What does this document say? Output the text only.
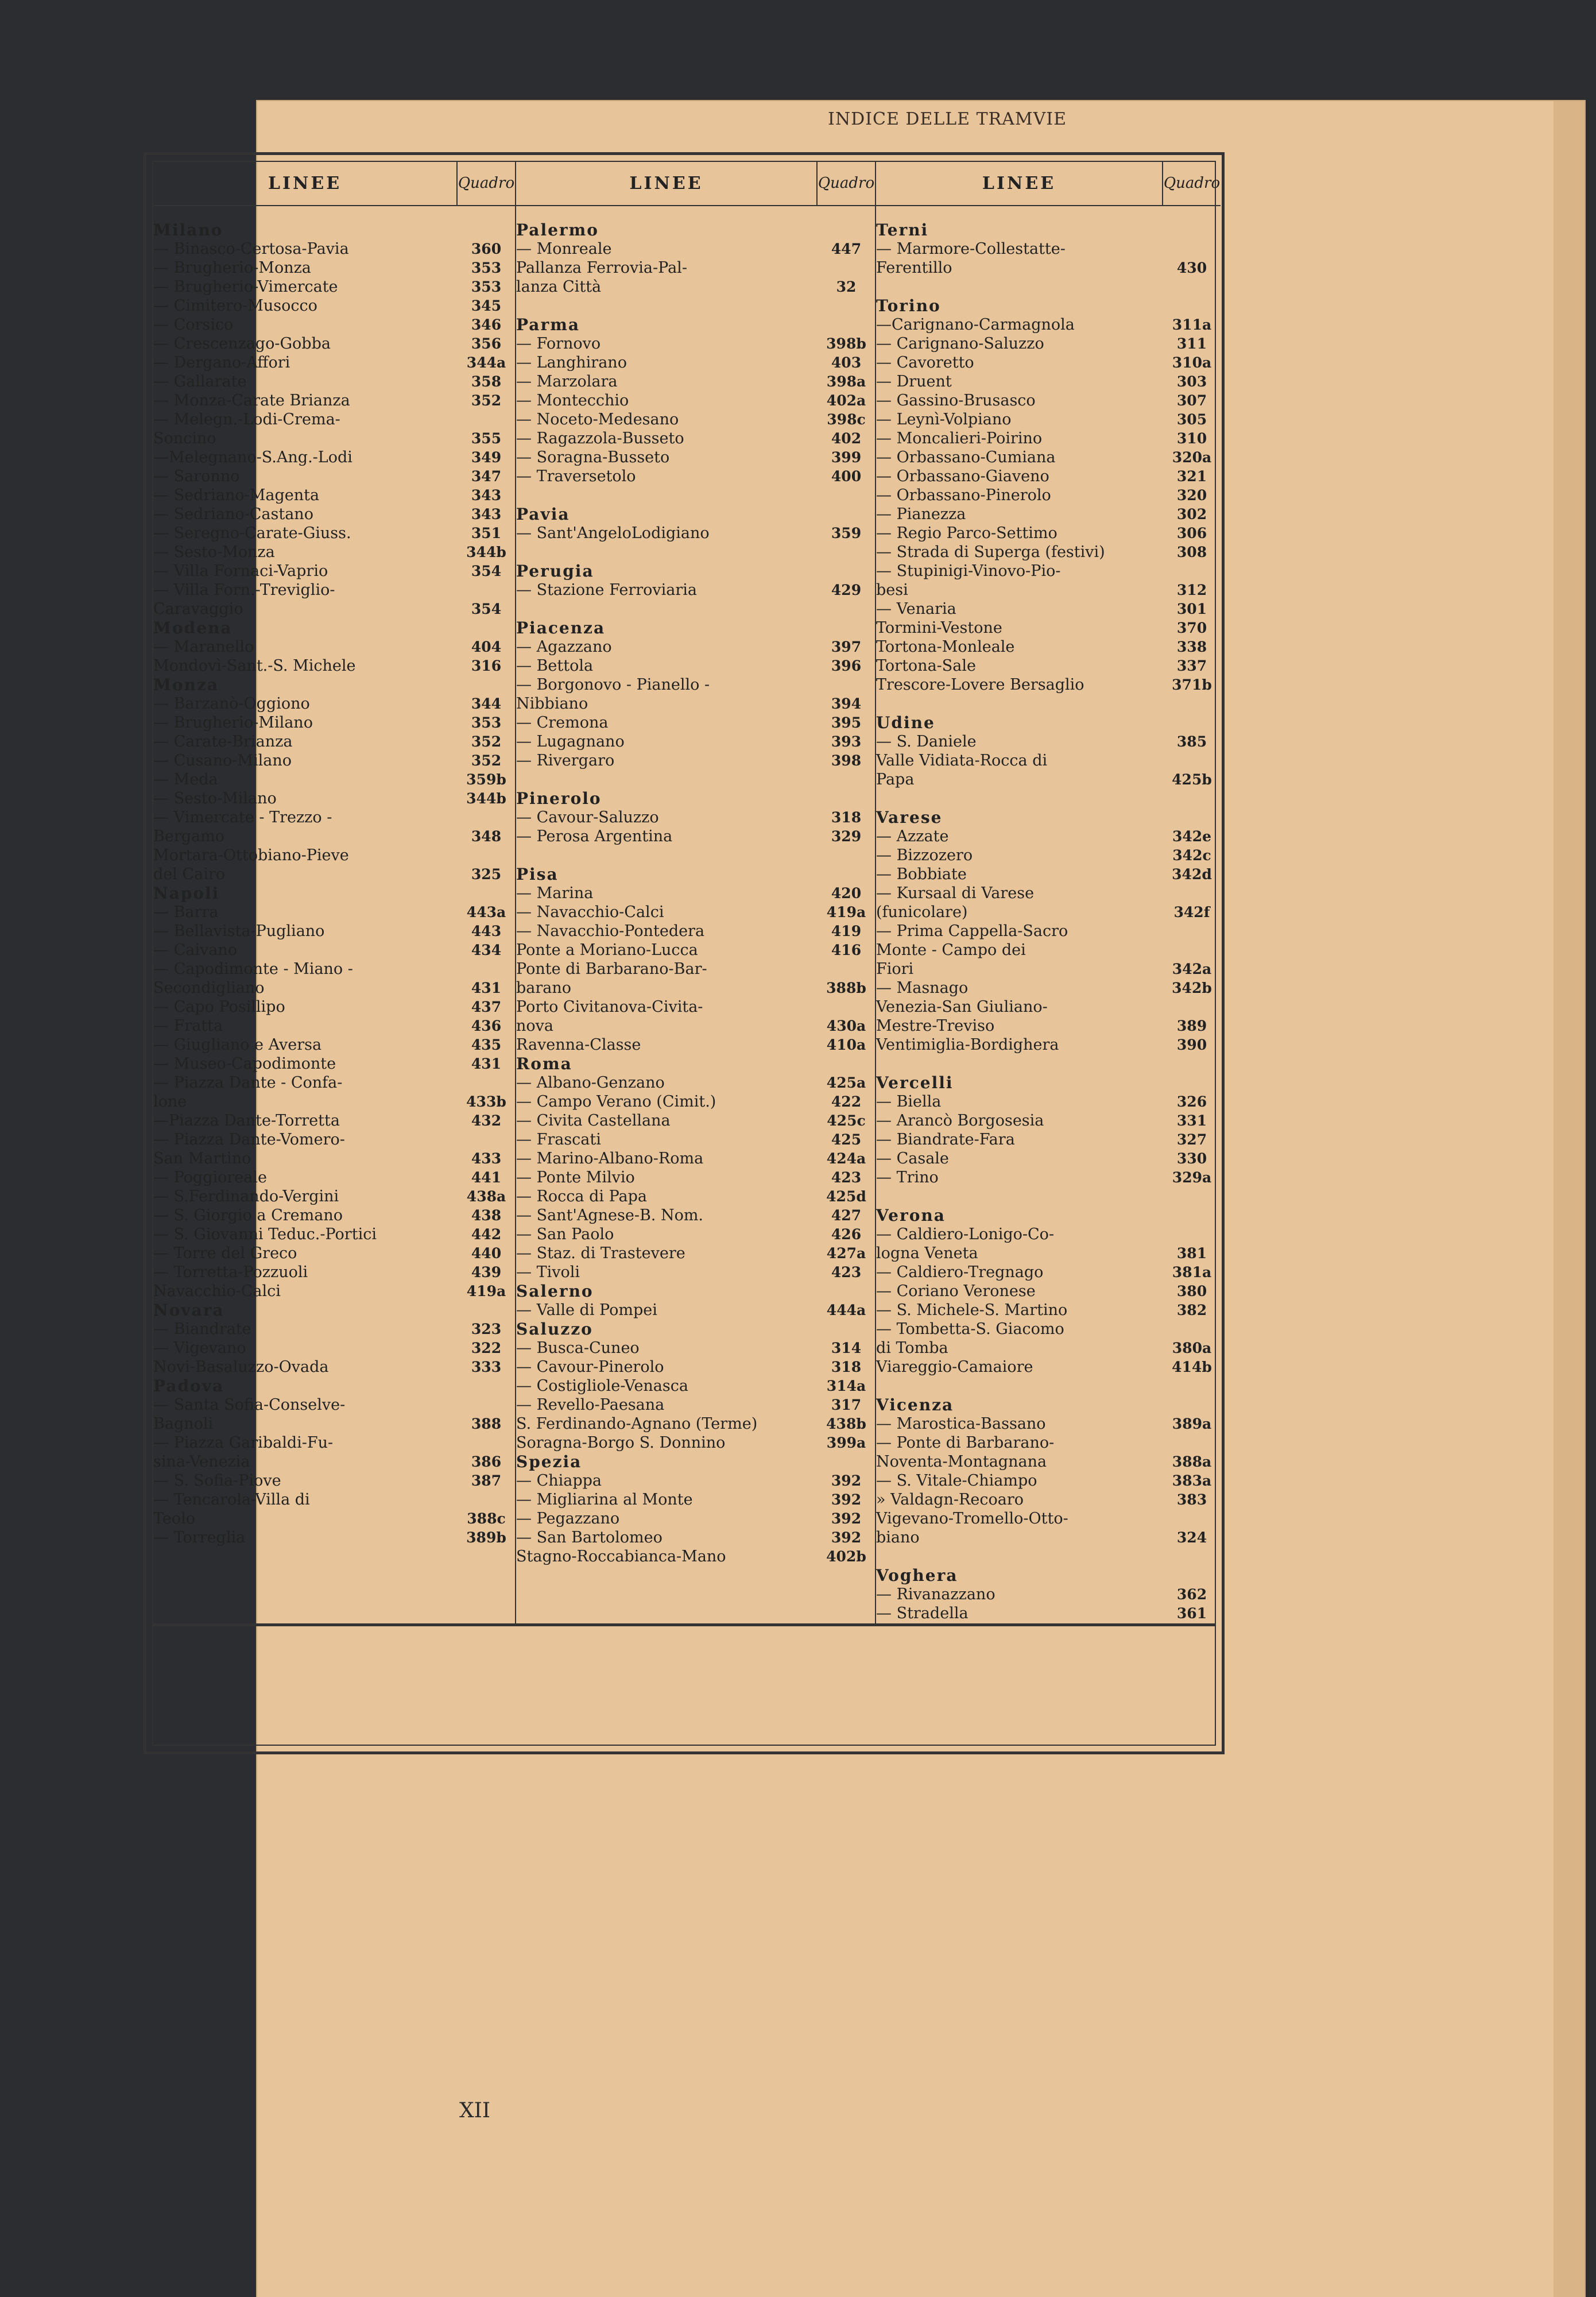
INDICE DELLE TRAMVIE
LINEE	Quadro
Milano
— Binasco-Certosa-Pavia	360
— Brugherio-Monza	353
— Brugherio-Vimercate	353
— Cimitero-Musocco	345
— Corsico	346
— Crescenzago-Gobba	356
— Dergano-Affori	344a
— Gallarate	358
— Monza-Carate Brianza	352
— Melegn.-Lodi-Crema-
Soncino	355
—Melegnano-S.Ang.-Lodi	349
— Saronno	347
— Sedriano-Magenta	343
— Sedriano-Castano	343
— Seregno-Carate-Giuss.	351
— Sesto-Monza	344b
— Villa Fornaci-Vaprio	354
— Villa Forn.-Treviglio-
Caravaggio	354
Modena
— Maranello	404
Mondovì-Sant.-S. Michele	316
Monza
— Barzanò-Oggiono	344
— Brugherio-Milano	353
— Carate-Brianza	352
— Cusano-Milano	352
— Meda	359b
— Sesto-Milano	344b
— Vimercate - Trezzo -
Bergamo	348
Mortara-Ottobiano-Pieve
del Cairo	325
Napoli
— Barra	443a
— Bellavista-Pugliano	443
— Caivano	434
— Capodimonte - Miano -
Secondigliano	431
— Capo Posillipo	437
— Fratta	436
— Giugliano e Aversa	435
— Museo-Capodimonte	431
— Piazza Dante - Confa-
lone	433b
—Piazza Dante-Torretta	432
— Piazza Dante-Vomero-
San Martino	433
— Poggioreale	441
— S.Ferdinando-Vergini	438a
— S. Giorgio a Cremano	438
— S. Giovanni Teduc.-Portici	442
— Torre del Greco	440
— Torretta-Pozzuoli	439
Navacchio-Calci	419a
Novara
— Biandrate	323
— Vigevano	322
Novi-Basaluzzo-Ovada	333
Padova
— Santa Sofia-Conselve-
Bagnoli	388
— Piazza Garibaldi-Fu-
sina-Venezia	386
— S. Sofia-Piove	387
— Tencarola-Villa di
Teolo	388c
— Torreglia	389b
LINEE	Quadro
Palermo
— Monreale	447
Pallanza Ferrovia-Pal-
lanza Città	32
Parma
— Fornovo	398b
— Langhirano	403
— Marzolara	398a
— Montecchio	402a
— Noceto-Medesano	398c
— Ragazzola-Busseto	402
— Soragna-Busseto	399
— Traversetolo	400
Pavia
— Sant'AngeloLodigiano	359
Perugia
— Stazione Ferroviaria	429
Piacenza
— Agazzano	397
— Bettola	396
— Borgonovo - Pianello -
Nibbiano	394
— Cremona	395
— Lugagnano	393
— Rivergaro	398
Pinerolo
— Cavour-Saluzzo	318
— Perosa Argentina	329
Pisa
— Marina	420
— Navacchio-Calci	419a
— Navacchio-Pontedera	419
Ponte a Moriano-Lucca	416
Ponte di Barbarano-Bar-
barano	388b
Porto Civitanova-Civita-
nova	430a
Ravenna-Classe	410a
Roma
— Albano-Genzano	425a
— Campo Verano (Cimit.)	422
— Civita Castellana	425c
— Frascati	425
— Marino-Albano-Roma	424a
— Ponte Milvio	423
— Rocca di Papa	425d
— Sant'Agnese-B. Nom.	427
— San Paolo	426
— Staz. di Trastevere	427a
— Tivoli	423
Salerno
— Valle di Pompei	444a
Saluzzo
— Busca-Cuneo	314
— Cavour-Pinerolo	318
— Costigliole-Venasca	314a
— Revello-Paesana	317
S. Ferdinando-Agnano (Terme)	438b
Soragna-Borgo S. Donnino	399a
Spezia
— Chiappa	392
— Migliarina al Monte	392
— Pegazzano	392
— San Bartolomeo	392
Stagno-Roccabianca-Mano	402b
LINEE	Quadro
Terni
— Marmore-Collestatte-
Ferentillo	430
Torino
—Carignano-Carmagnola	311a
— Carignano-Saluzzo	311
— Cavoretto	310a
— Druent	303
— Gassino-Brusasco	307
— Leynì-Volpiano	305
— Moncalieri-Poirino	310
— Orbassano-Cumiana	320a
— Orbassano-Giaveno	321
— Orbassano-Pinerolo	320
— Pianezza	302
— Regio Parco-Settimo	306
— Strada di Superga (festivi)	308
— Stupinigi-Vinovo-Pio-
besi	312
— Venaria	301
Tormini-Vestone	370
Tortona-Monleale	338
Tortona-Sale	337
Trescore-Lovere Bersaglio	371b
Udine
— S. Daniele	385
Valle Vidiata-Rocca di
Papa	425b
Varese
— Azzate	342e
— Bizzozero	342c
— Bobbiate	342d
— Kursaal di Varese
(funicolare)	342f
— Prima Cappella-Sacro
Monte - Campo dei
Fiori	342a
— Masnago	342b
Venezia-San Giuliano-
Mestre-Treviso	389
Ventimiglia-Bordighera	390
Vercelli
— Biella	326
— Arancò Borgosesia	331
— Biandrate-Fara	327
— Casale	330
— Trino	329a
Verona
— Caldiero-Lonigo-Co-
logna Veneta	381
— Caldiero-Tregnago	381a
— Coriano Veronese	380
— S. Michele-S. Martino	382
— Tombetta-S. Giacomo
di Tomba	380a
Viareggio-Camaiore	414b
Vicenza
— Marostica-Bassano	389a
— Ponte di Barbarano-
Noventa-Montagnana	388a
— S. Vitale-Chiampo	383a
» Valdagn-Recoaro	383
Vigevano-Tromello-Otto-
biano	324
Voghera
— Rivanazzano	362
— Stradella	361
XII
